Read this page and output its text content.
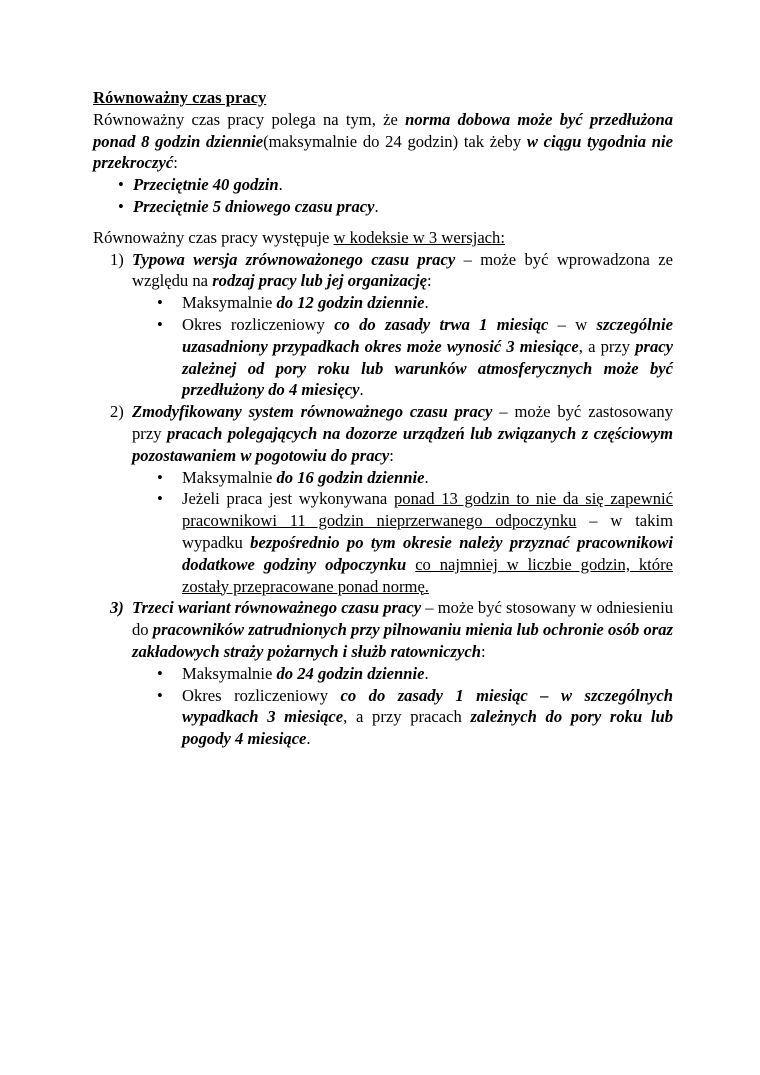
Równoważny czas pracy
Równoważny czas pracy polega na tym, że norma dobowa może być przedłużona ponad 8 godzin dziennie(maksymalnie do 24 godzin) tak żeby w ciągu tygodnia nie przekroczyć:
• Przeciętnie 40 godzin.
• Przeciętnie 5 dniowego czasu pracy.
Równoważny czas pracy występuje w kodeksie w 3 wersjach:
1) Typowa wersja zrównoważonego czasu pracy – może być wprowadzona ze względu na rodzaj pracy lub jej organizację:
•	Maksymalnie do 12 godzin dziennie.
•	Okres rozliczeniowy co do zasady trwa 1 miesiąc – w szczególnie uzasadniony przypadkach okres może wynosić 3 miesiące, a przy pracy zależnej od pory roku lub warunków atmosferycznych może być przedłużony do 4 miesięcy.
2) Zmodyfikowany system równoważnego czasu pracy – może być zastosowany przy pracach polegających na dozorze urządzeń lub związanych z częściowym pozostawaniem w pogotowiu do pracy:
•	Maksymalnie do 16 godzin dziennie.
•	Jeżeli praca jest wykonywana ponad 13 godzin to nie da się zapewnić pracownikowi 11 godzin nieprzerwanego odpoczynku – w takim wypadku bezpośrednio po tym okresie należy przyznać pracownikowi dodatkowe godziny odpoczynku co najmniej w liczbie godzin, które zostały przepracowane ponad normę.
3) Trzeci wariant równoważnego czasu pracy – może być stosowany w odniesieniu do pracowników zatrudnionych przy pilnowaniu mienia lub ochronie osób oraz zakładowych straży pożarnych i służb ratowniczych:
•	Maksymalnie do 24 godzin dziennie.
•	Okres rozliczeniowy co do zasady 1 miesiąc – w szczególnych wypadkach 3 miesiące, a przy pracach zależnych do pory roku lub pogody 4 miesiące.
